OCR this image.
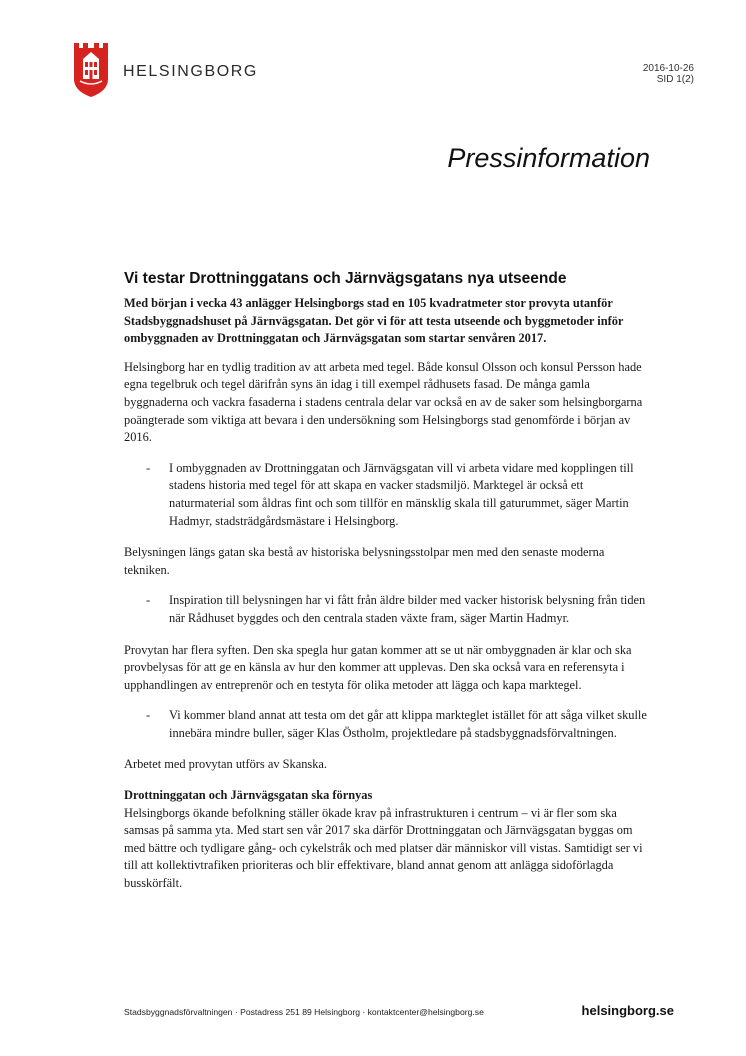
HELSINGBORG	2016-10-26
SID 1(2)
Pressinformation
Vi testar Drottninggatans och Järnvägsgatans nya utseende

Med början i vecka 43 anlägger Helsingborgs stad en 105 kvadratmeter stor provyta utanför Stadsbyggnadshuset på Järnvägsgatan. Det gör vi för att testa utseende och byggmetoder inför ombyggnaden av Drottninggatan och Järnvägsgatan som startar senvåren 2017.

Helsingborg har en tydlig tradition av att arbeta med tegel. Både konsul Olsson och konsul Persson hade egna tegelbruk och tegel därifrån syns än idag i till exempel rådhusets fasad. De många gamla byggnaderna och vackra fasaderna i stadens centrala delar var också en av de saker som helsingborgarna poängterade som viktiga att bevara i den undersökning som Helsingborgs stad genomförde i början av 2016.

- I ombyggnaden av Drottninggatan och Järnvägsgatan vill vi arbeta vidare med kopplingen till stadens historia med tegel för att skapa en vacker stadsmiljö. Marktegel är också ett naturmaterial som åldras fint och som tillför en mänsklig skala till gaturummet, säger Martin Hadmyr, stadsträdgårdsmästare i Helsingborg.

Belysningen längs gatan ska bestå av historiska belysningsstolpar men med den senaste moderna tekniken.

- Inspiration till belysningen har vi fått från äldre bilder med vacker historisk belysning från tiden när Rådhuset byggdes och den centrala staden växte fram, säger Martin Hadmyr.

Provytan har flera syften. Den ska spegla hur gatan kommer att se ut när ombyggnaden är klar och ska provbelysas för att ge en känsla av hur den kommer att upplevas. Den ska också vara en referensyta i upphandlingen av entreprenör och en testyta för olika metoder att lägga och kapa marktegel.

- Vi kommer bland annat att testa om det går att klippa markteglet istället för att såga vilket skulle innebära mindre buller, säger Klas Östholm, projektledare på stadsbyggnadsförvaltningen.

Arbetet med provytan utförs av Skanska.

Drottninggatan och Järnvägsgatan ska förnyas

Helsingborgs ökande befolkning ställer ökade krav på infrastrukturen i centrum – vi är fler som ska samsas på samma yta. Med start sen vår 2017 ska därför Drottninggatan och Järnvägsgatan byggas om med bättre och tydligare gång- och cykelstråk och med platser där människor vill vistas. Samtidigt ser vi till att kollektivtrafiken prioriteras och blir effektivare, bland annat genom att anlägga sidoförlagda busskörfält.

Stadsbyggnadsförvaltningen · Postadress 251 89 Helsingborg · kontaktcenter@helsingborg.se	helsingborg.se
